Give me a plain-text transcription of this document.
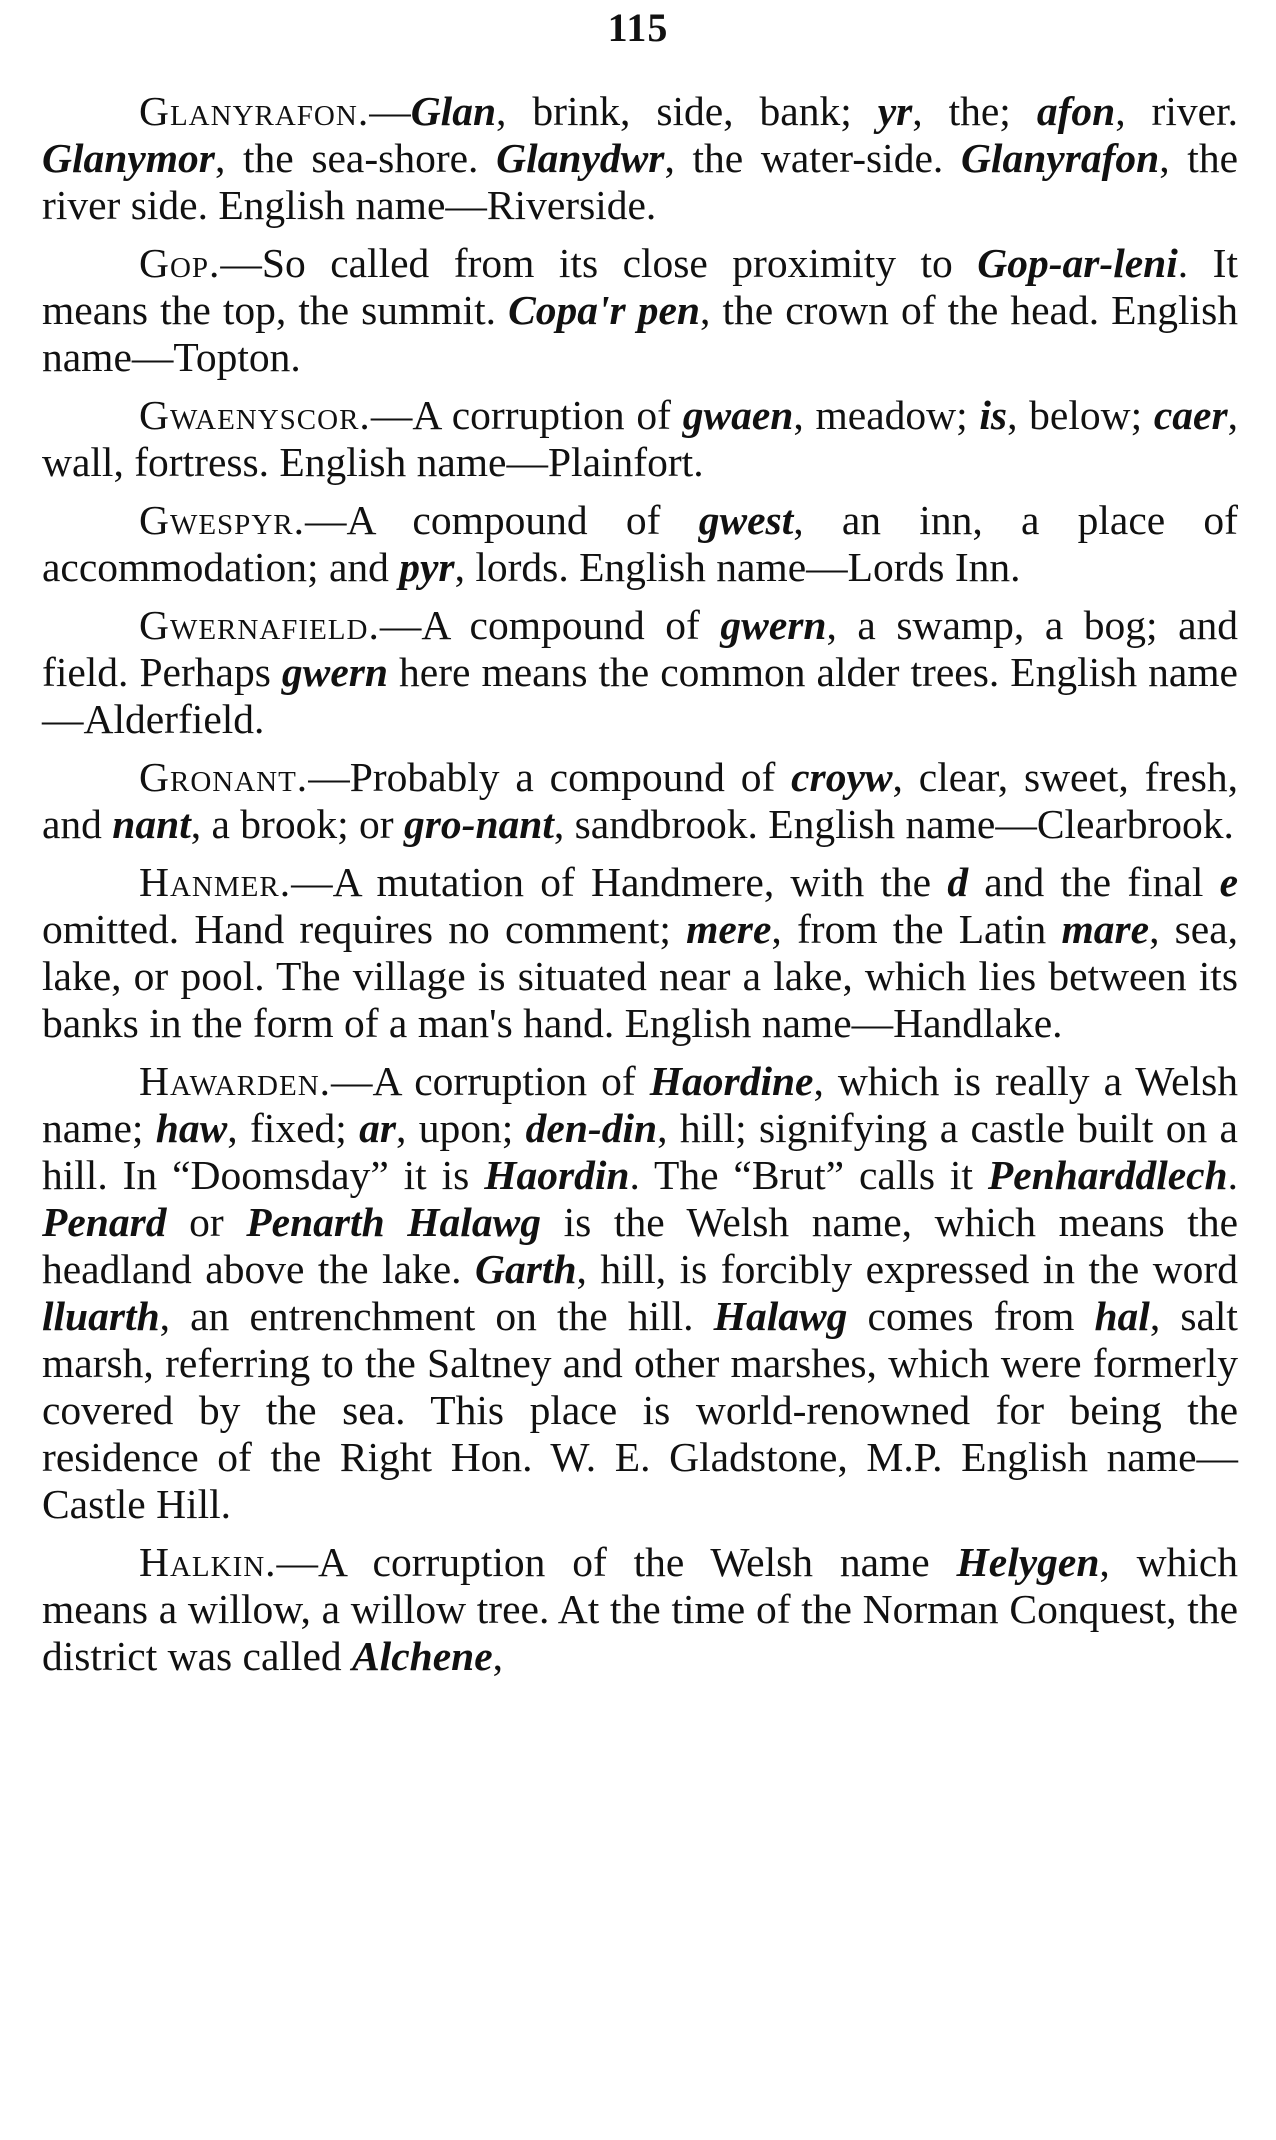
115

Glanyrafon.—Glan, brink, side, bank; yr, the; afon, river. Glanymor, the sea-shore. Glanydwr, the water-side. Glanyrafon, the river side. English name—Riverside.

Gop.—So called from its close proximity to Gop-ar-leni. It means the top, the summit. Copa'r pen, the crown of the head. English name—Topton.

Gwaenyscor.—A corruption of gwaen, meadow; is, below; caer, wall, fortress. English name—Plainfort.

Gwespyr.—A compound of gwest, an inn, a place of accommodation; and pyr, lords. English name—Lords Inn.

Gwernafield.—A compound of gwern, a swamp, a bog; and field. Perhaps gwern here means the common alder trees. English name—Alderfield.

Gronant.—Probably a compound of croyw, clear, sweet, fresh, and nant, a brook; or gro-nant, sandbrook. English name—Clearbrook.

Hanmer.—A mutation of Handmere, with the d and the final e omitted. Hand requires no comment; mere, from the Latin mare, sea, lake, or pool. The village is situated near a lake, which lies between its banks in the form of a man's hand. English name—Handlake.

Hawarden.—A corruption of Haordine, which is really a Welsh name; haw, fixed; ar, upon; den-din, hill; signifying a castle built on a hill. In “Doomsday” it is Haordin. The “Brut” calls it Penharddlech. Penard or Penarth Halawg is the Welsh name, which means the headland above the lake. Garth, hill, is forcibly expressed in the word lluarth, an entrenchment on the hill. Halawg comes from hal, salt marsh, referring to the Saltney and other marshes, which were formerly covered by the sea. This place is world-renowned for being the residence of the Right Hon. W. E. Gladstone, M.P. English name—Castle Hill.

Halkin.—A corruption of the Welsh name Helygen, which means a willow, a willow tree. At the time of the Norman Conquest, the district was called Alchene,
